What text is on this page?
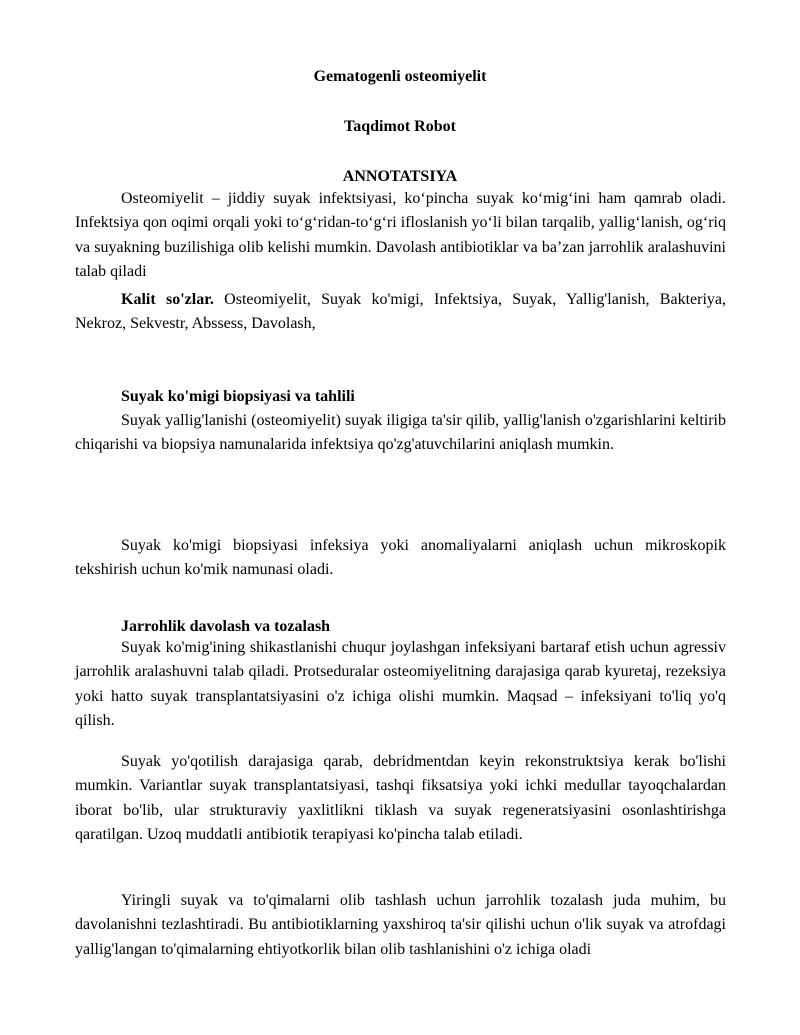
Gematogenli osteomiyelit
Taqdimot Robot
ANNOTATSIYA

Osteomiyelit – jiddiy suyak infektsiyasi, koʻpincha suyak koʻmigʻini ham qamrab oladi. Infektsiya qon oqimi orqali yoki toʻgʻridan-toʻgʻri ifloslanish yoʻli bilan tarqalib, yalligʻlanish, ogʻriq va suyakning buzilishiga olib kelishi mumkin. Davolash antibiotiklar va baʼzan jarrohlik aralashuvini talab qiladi

Kalit so'zlar. Osteomiyelit, Suyak ko'migi, Infektsiya, Suyak, Yallig'lanish, Bakteriya, Nekroz, Sekvestr, Abssess, Davolash,

Suyak ko'migi biopsiyasi va tahlili

Suyak yallig'lanishi (osteomiyelit) suyak iligiga ta'sir qilib, yallig'lanish o'zgarishlarini keltirib chiqarishi va biopsiya namunalarida infektsiya qo'zg'atuvchilarini aniqlash mumkin.

Suyak ko'migi biopsiyasi infeksiya yoki anomaliyalarni aniqlash uchun mikroskopik tekshirish uchun ko'mik namunasi oladi.

Jarrohlik davolash va tozalash

Suyak ko'mig'ining shikastlanishi chuqur joylashgan infeksiyani bartaraf etish uchun agressiv jarrohlik aralashuvni talab qiladi. Protseduralar osteomiyelitning darajasiga qarab kyuretaj, rezeksiya yoki hatto suyak transplantatsiyasini o'z ichiga olishi mumkin. Maqsad – infeksiyani to'liq yo'q qilish.

Suyak yo'qotilish darajasiga qarab, debridmentdan keyin rekonstruktsiya kerak bo'lishi mumkin. Variantlar suyak transplantatsiyasi, tashqi fiksatsiya yoki ichki medullar tayoqchalardan iborat bo'lib, ular strukturaviy yaxlitlikni tiklash va suyak regeneratsiyasini osonlashtirishga qaratilgan. Uzoq muddatli antibiotik terapiyasi ko'pincha talab etiladi.

Yiringli suyak va to'qimalarni olib tashlash uchun jarrohlik tozalash juda muhim, bu davolanishni tezlashtiradi. Bu antibiotiklarning yaxshiroq ta'sir qilishi uchun o'lik suyak va atrofdagi yallig'langan to'qimalarning ehtiyotkorlik bilan olib tashlanishini o'z ichiga oladi
